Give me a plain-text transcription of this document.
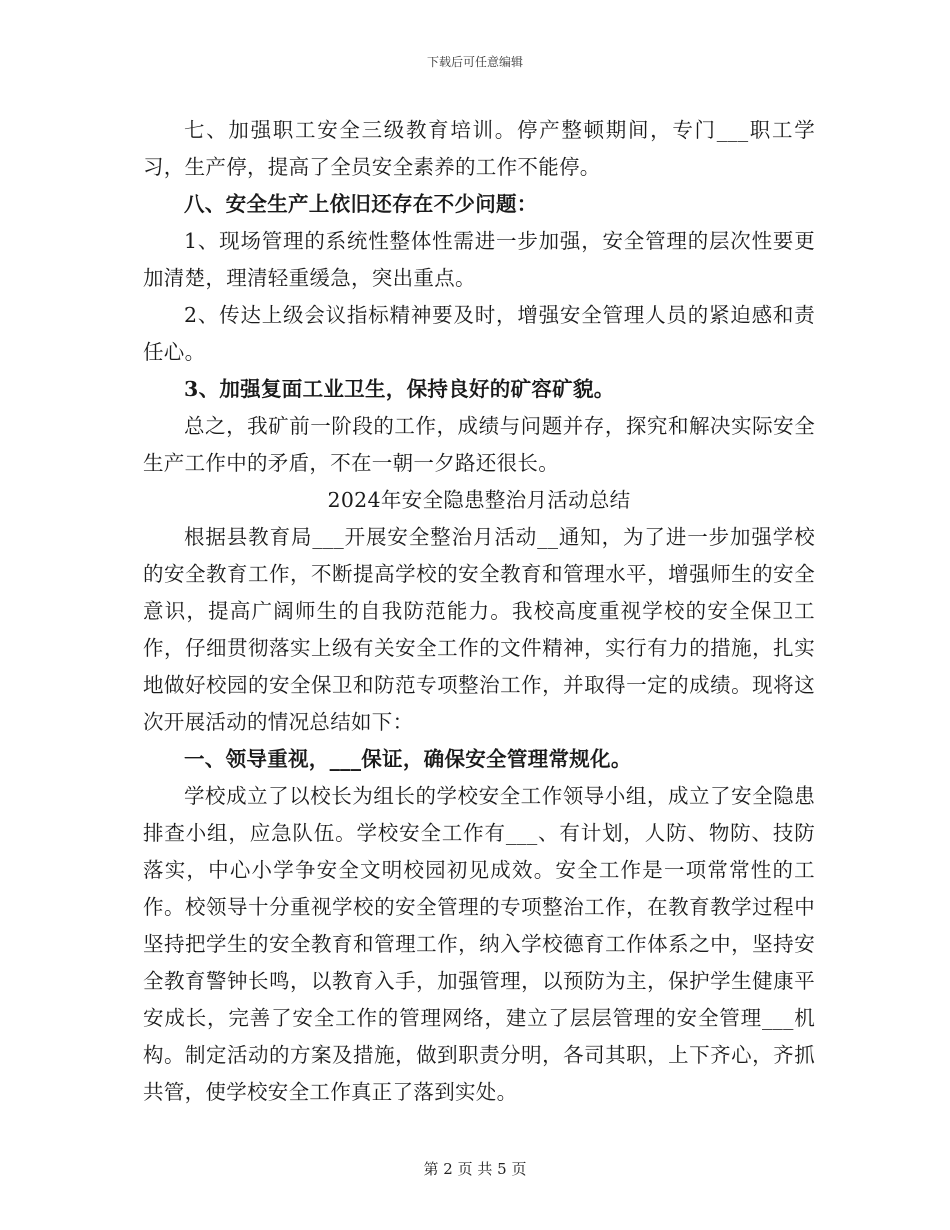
下载后可任意编辑

七、加强职工安全三级教育培训。停产整顿期间，专门___职工学习，生产停，提高了全员安全素养的工作不能停。

八、安全生产上依旧还存在不少问题：

1、现场管理的系统性整体性需进一步加强，安全管理的层次性要更加清楚，理清轻重缓急，突出重点。

2、传达上级会议指标精神要及时，增强安全管理人员的紧迫感和责任心。

3、加强复面工业卫生，保持良好的矿容矿貌。

总之，我矿前一阶段的工作，成绩与问题并存，探究和解决实际安全生产工作中的矛盾，不在一朝一夕路还很长。

2024年安全隐患整治月活动总结

根据县教育局___开展安全整治月活动__通知，为了进一步加强学校的安全教育工作，不断提高学校的安全教育和管理水平，增强师生的安全意识，提高广阔师生的自我防范能力。我校高度重视学校的安全保卫工作，仔细贯彻落实上级有关安全工作的文件精神，实行有力的措施，扎实地做好校园的安全保卫和防范专项整治工作，并取得一定的成绩。现将这次开展活动的情况总结如下：

一、领导重视，___保证，确保安全管理常规化。

学校成立了以校长为组长的学校安全工作领导小组，成立了安全隐患排查小组，应急队伍。学校安全工作有___、有计划，人防、物防、技防落实，中心小学争安全文明校园初见成效。安全工作是一项常常性的工作。校领导十分重视学校的安全管理的专项整治工作，在教育教学过程中坚持把学生的安全教育和管理工作，纳入学校德育工作体系之中，坚持安全教育警钟长鸣，以教育入手，加强管理，以预防为主，保护学生健康平安成长，完善了安全工作的管理网络，建立了层层管理的安全管理___机构。制定活动的方案及措施，做到职责分明，各司其职，上下齐心，齐抓共管，使学校安全工作真正了落到实处。

第 2 页 共 5 页
